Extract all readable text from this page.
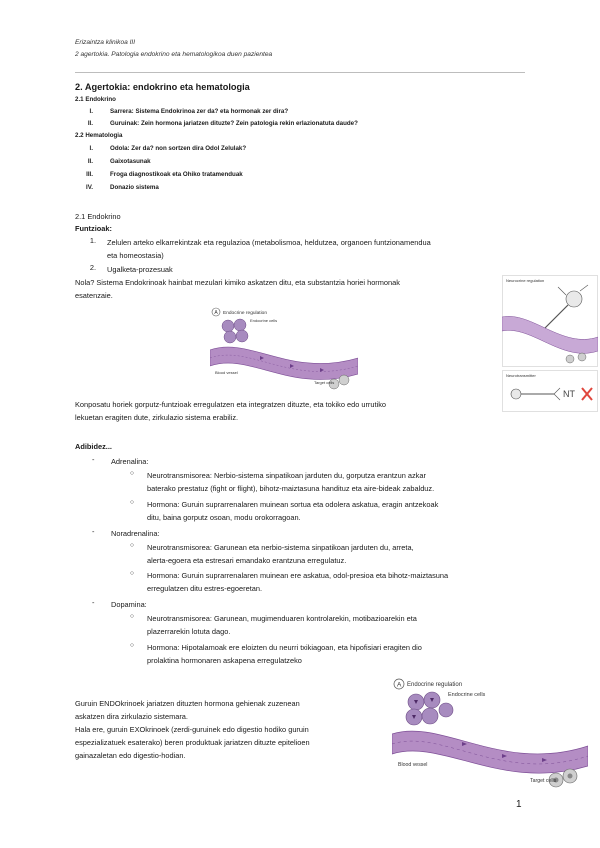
Erizaintza klinikoa III
2 agertokia. Patologia endokrino eta hematologikoa duen pazientea
2. Agertokia: endokrino eta hematologia
2.1 Endokrino
I.	Sarrera: Sistema Endokrinoa zer da? eta hormonak zer dira?
II.	Guruinak: Zein hormona jariatzen dituzte? Zein patologia rekin erlazionatuta daude?
2.2 Hematologia
I.	Odola: Zer da? non sortzen dira Odol Zelulak?
II.	Gaixotasunak
III.	Froga diagnostikoak eta Ohiko tratamenduak
IV.	Donazio sistema
2.1 Endokrino
Funtzioak:
1. Zelulen arteko elkarrekintzak eta regulazioa (metabolismoa, heldutzea, organoen funtzionamendua
eta homeostasia)
2. Ugalketa-prozesuak
Nola? Sistema Endokrinoak hainbat mezulari kimiko askatzen ditu, eta substantzia horiei hormonak
esatenzaie.
A Endocrine regulation
Endocrine cells
Blood vessel
Target cells
Neurocrine regulation
Neurotransmitter
NT
Konposatu horiek gorputz-funtzioak erregulatzen eta integratzen dituzte, eta tokiko edo urrutiko
lekuetan eragiten dute, zirkulazio sistema erabiliz.
Adibidez...
- Adrenalina:
○ Neurotransmisorea: Nerbio-sistema sinpatikoan jarduten du, gorputza erantzun azkar
baterako prestatuz (fight or flight), bihotz-maiztasuna handituz eta aire-bideak zabalduz.
○ Hormona: Guruin suprarrenalaren muinean sortua eta odolera askatua, eragin antzekoak
ditu, baina gorputz osoan, modu orokorragoan.
- Noradrenalina:
○ Neurotransmisorea: Garunean eta nerbio-sistema sinpatikoan jarduten du, arreta,
alerta-egoera eta estresari emandako erantzuna erregulatuz.
○ Hormona: Guruin suprarrenalaren muinean ere askatua, odol-presioa eta bihotz-maiztasuna
erregulatzen ditu estres-egoeretan.
- Dopamina:
○ Neurotransmisorea: Garunean, mugimenduaren kontrolarekin, motibazioarekin eta
plazerrarekin lotuta dago.
○ Hormona: Hipotalamoak ere eloizten du neurri txikiagoan, eta hipofisiari eragiten dio
prolaktina hormonaren askapena erregulatzeko
Guruin ENDOkrinoek jariatzen dituzten hormona gehienak zuzenean
askatzen dira zirkulazio sistemara.
Hala ere, guruin EXOkrinoek (zerdi-guruinek edo digestio hodiko guruin
espezializatuek esaterako) beren produktuak jariatzen dituzte epitelioen
gainazaletan edo digestio-hodian.
A Endocrine regulation
Endocrine cells
Blood vessel
Target cells
1
